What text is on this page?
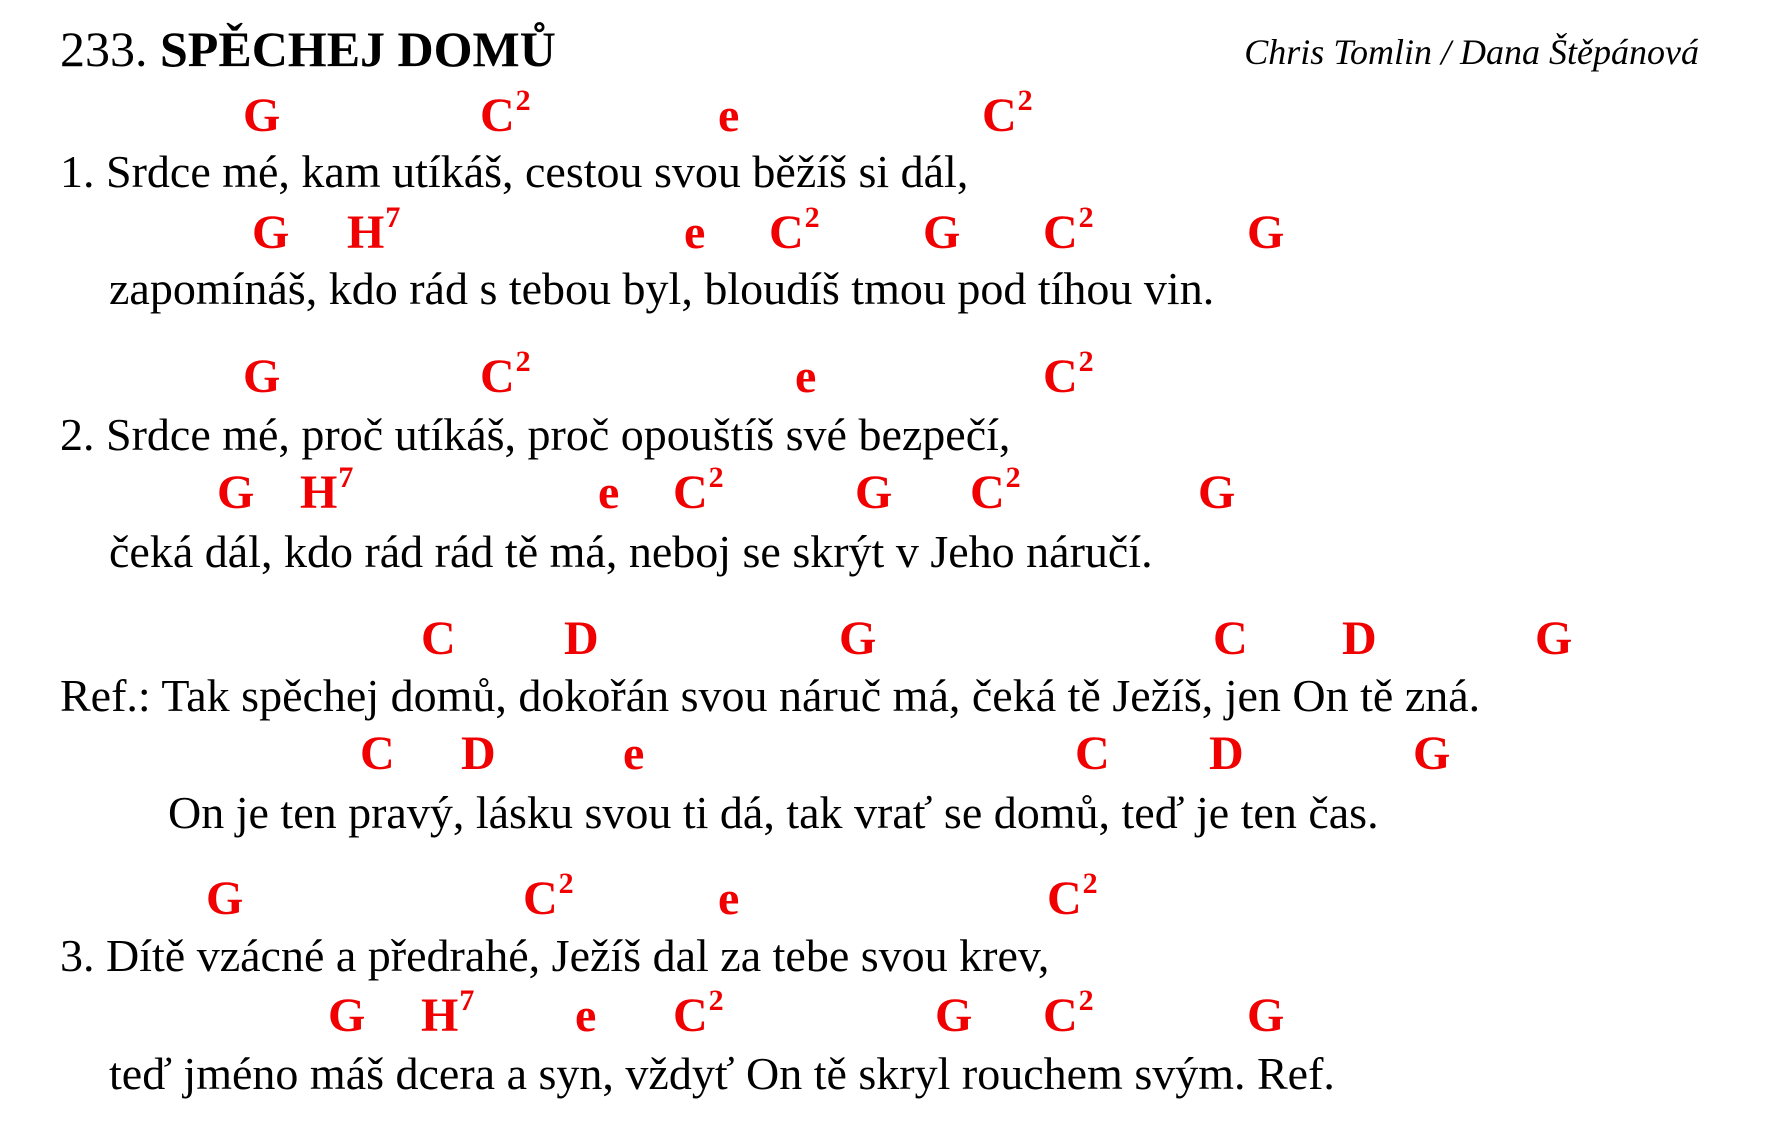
233. SPĚCHEJ DOMŮ	Chris Tomlin / Dana Štěpánová
G	$C^2$	e	$C^2$
1. Srdce mé, kam utíkáš, cestou svou běžíš si dál,
G $H^7$	e $C^2$ G $C^2$	G
zapomínáš, kdo rád s tebou byl, bloudíš tmou pod tíhou vin.
G	$C^2$	e	$C^2$
2. Srdce mé, proč utíkáš, proč opouštíš své bezpečí,
G $H^7$	e $C^2$	G $C^2$	G
čeká dál, kdo rád rád tě má, neboj se skrýt v Jeho náručí.
C D	G	C D	G
Ref.: Tak spěchej domů, dokořán svou náruč má, čeká tě Ježíš, jen On tě zná.
C D	e	C D	G
On je ten pravý, lásku svou ti dá, tak vrať se domů, teď je ten čas.
G	$C^2$	e	$C^2$
3. Dítě vzácné a předrahé, Ježíš dal za tebe svou krev,
G $H^7$ e $C^2$	G $C^2$	G
teď jméno máš dcera a syn, vždyť On tě skryl rouchem svým. Ref.
